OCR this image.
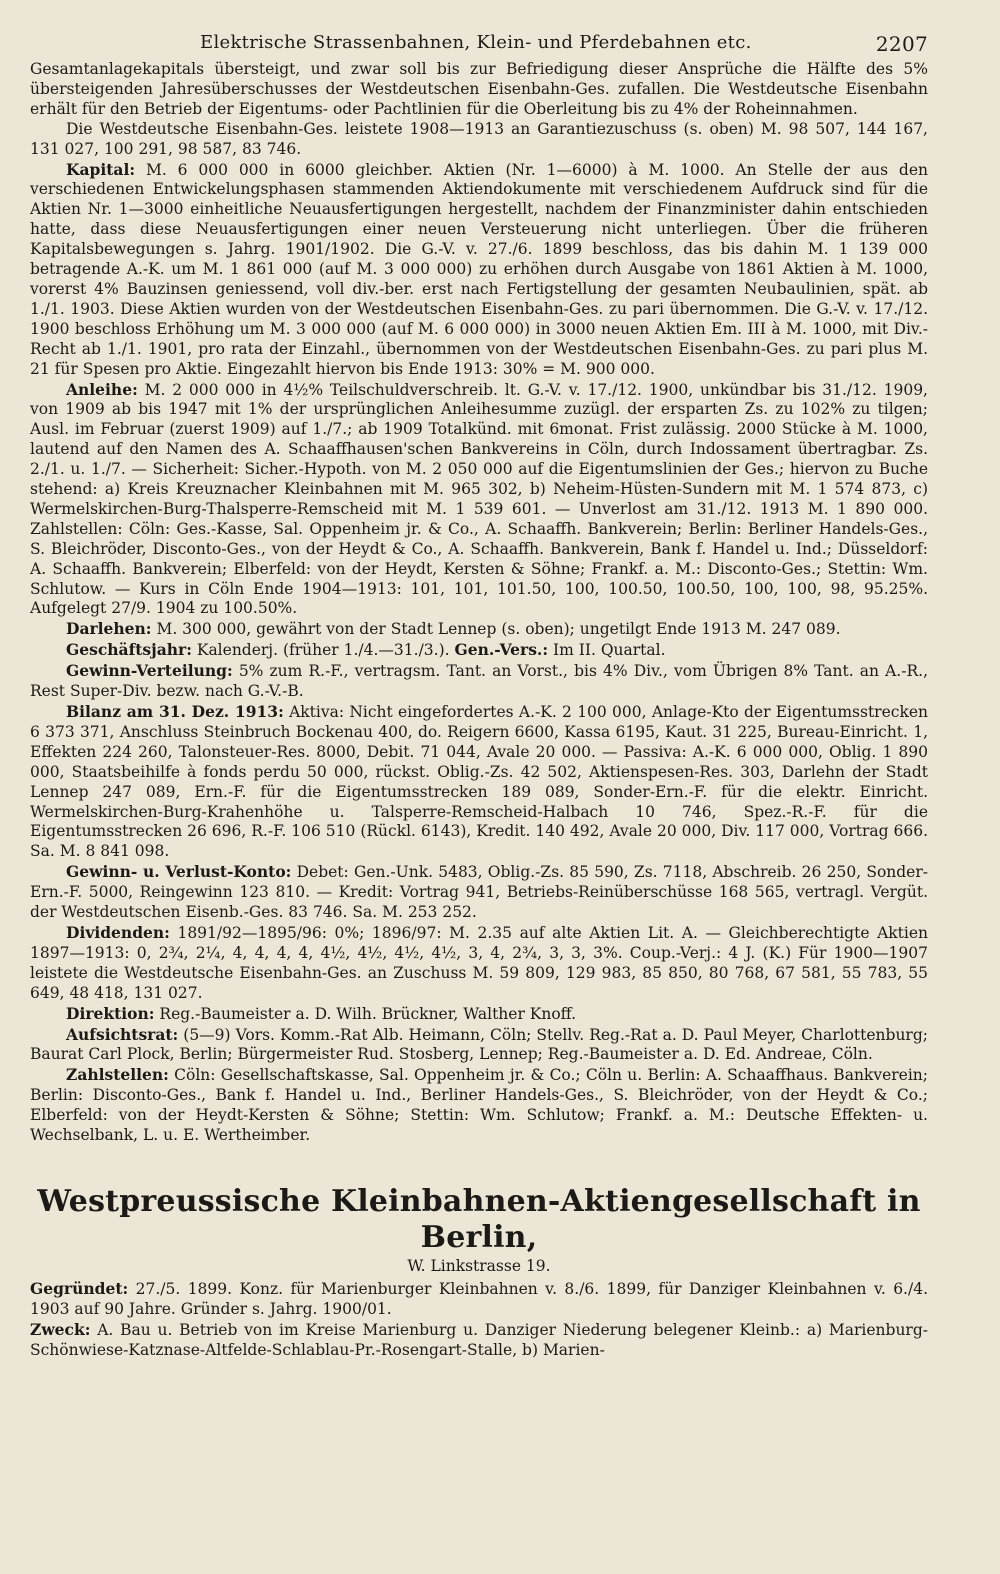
Elektrische Strassenbahnen, Klein- und Pferdebahnen etc.	2207

Gesamtanlagekapitals übersteigt, und zwar soll bis zur Befriedigung dieser Ansprüche die Hälfte des 5% übersteigenden Jahresüberschusses der Westdeutschen Eisenbahn-Ges. zufallen. Die Westdeutsche Eisenbahn erhält für den Betrieb der Eigentums- oder Pachtlinien für die Oberleitung bis zu 4% der Roheinnahmen.

Die Westdeutsche Eisenbahn-Ges. leistete 1908—1913 an Garantiezuschuss (s. oben) M. 98 507, 144 167, 131 027, 100 291, 98 587, 83 746.

Kapital: M. 6 000 000 in 6000 gleichber. Aktien (Nr. 1—6000) à M. 1000. An Stelle der aus den verschiedenen Entwickelungsphasen stammenden Aktiendokumente mit verschiedenem Aufdruck sind für die Aktien Nr. 1—3000 einheitliche Neuausfertigungen hergestellt, nachdem der Finanzminister dahin entschieden hatte, dass diese Neuausfertigungen einer neuen Versteuerung nicht unterliegen. Über die früheren Kapitalsbewegungen s. Jahrg. 1901/1902. Die G.-V. v. 27./6. 1899 beschloss, das bis dahin M. 1 139 000 betragende A.-K. um M. 1 861 000 (auf M. 3 000 000) zu erhöhen durch Ausgabe von 1861 Aktien à M. 1000, vorerst 4% Bauzinsen geniessend, voll div.-ber. erst nach Fertigstellung der gesamten Neubaulinien, spät. ab 1./1. 1903. Diese Aktien wurden von der Westdeutschen Eisenbahn-Ges. zu pari übernommen. Die G.-V. v. 17./12. 1900 beschloss Erhöhung um M. 3 000 000 (auf M. 6 000 000) in 3000 neuen Aktien Em. III à M. 1000, mit Div.-Recht ab 1./1. 1901, pro rata der Einzahl., übernommen von der Westdeutschen Eisenbahn-Ges. zu pari plus M. 21 für Spesen pro Aktie. Eingezahlt hiervon bis Ende 1913: 30% = M. 900 000.

Anleihe: M. 2 000 000 in 4½% Teilschuldverschreib. lt. G.-V. v. 17./12. 1900, unkündbar bis 31./12. 1909, von 1909 ab bis 1947 mit 1% der ursprünglichen Anleihesumme zuzügl. der ersparten Zs. zu 102% zu tilgen; Ausl. im Februar (zuerst 1909) auf 1./7.; ab 1909 Totalkünd. mit 6monat. Frist zulässig. 2000 Stücke à M. 1000, lautend auf den Namen des A. Schaaffhausen'schen Bankvereins in Cöln, durch Indossament übertragbar. Zs. 2./1. u. 1./7. — Sicherheit: Sicher.-Hypoth. von M. 2 050 000 auf die Eigentumslinien der Ges.; hiervon zu Buche stehend: a) Kreis Kreuznacher Kleinbahnen mit M. 965 302, b) Neheim-Hüsten-Sundern mit M. 1 574 873, c) Wermelskirchen-Burg-Thalsperre-Remscheid mit M. 1 539 601. — Unverlost am 31./12. 1913 M. 1 890 000. Zahlstellen: Cöln: Ges.-Kasse, Sal. Oppenheim jr. & Co., A. Schaaffh. Bankverein; Berlin: Berliner Handels-Ges., S. Bleichröder, Disconto-Ges., von der Heydt & Co., A. Schaaffh. Bankverein, Bank f. Handel u. Ind.; Düsseldorf: A. Schaaffh. Bankverein; Elberfeld: von der Heydt, Kersten & Söhne; Frankf. a. M.: Disconto-Ges.; Stettin: Wm. Schlutow. — Kurs in Cöln Ende 1904—1913: 101, 101, 101.50, 100, 100.50, 100.50, 100, 100, 98, 95.25%. Aufgelegt 27/9. 1904 zu 100.50%.

Darlehen: M. 300 000, gewährt von der Stadt Lennep (s. oben); ungetilgt Ende 1913 M. 247 089.

Geschäftsjahr: Kalenderj. (früher 1./4.—31./3.). Gen.-Vers.: Im II. Quartal.

Gewinn-Verteilung: 5% zum R.-F., vertragsm. Tant. an Vorst., bis 4% Div., vom Übrigen 8% Tant. an A.-R., Rest Super-Div. bezw. nach G.-V.-B.

Bilanz am 31. Dez. 1913: Aktiva: Nicht eingefordertes A.-K. 2 100 000, Anlage-Kto der Eigentumsstrecken 6 373 371, Anschluss Steinbruch Bockenau 400, do. Reigern 6600, Kassa 6195, Kaut. 31 225, Bureau-Einricht. 1, Effekten 224 260, Talonsteuer-Res. 8000, Debit. 71 044, Avale 20 000. — Passiva: A.-K. 6 000 000, Oblig. 1 890 000, Staatsbeihilfe à fonds perdu 50 000, rückst. Oblig.-Zs. 42 502, Aktienspesen-Res. 303, Darlehn der Stadt Lennep 247 089, Ern.-F. für die Eigentumsstrecken 189 089, Sonder-Ern.-F. für die elektr. Einricht. Wermelskirchen-Burg-Krahenhöhe u. Talsperre-Remscheid-Halbach 10 746, Spez.-R.-F. für die Eigentumsstrecken 26 696, R.-F. 106 510 (Rückl. 6143), Kredit. 140 492, Avale 20 000, Div. 117 000, Vortrag 666. Sa. M. 8 841 098.

Gewinn- u. Verlust-Konto: Debet: Gen.-Unk. 5483, Oblig.-Zs. 85 590, Zs. 7118, Abschreib. 26 250, Sonder-Ern.-F. 5000, Reingewinn 123 810. — Kredit: Vortrag 941, Betriebs-Reinüberschüsse 168 565, vertragl. Vergüt. der Westdeutschen Eisenb.-Ges. 83 746. Sa. M. 253 252.

Dividenden: 1891/92—1895/96: 0%; 1896/97: M. 2.35 auf alte Aktien Lit. A. — Gleichberechtigte Aktien 1897—1913: 0, 2¾, 2¼, 4, 4, 4, 4, 4½, 4½, 4½, 4½, 3, 4, 2¾, 3, 3, 3%. Coup.-Verj.: 4 J. (K.) Für 1900—1907 leistete die Westdeutsche Eisenbahn-Ges. an Zuschuss M. 59 809, 129 983, 85 850, 80 768, 67 581, 55 783, 55 649, 48 418, 131 027.

Direktion: Reg.-Baumeister a. D. Wilh. Brückner, Walther Knoff.

Aufsichtsrat: (5—9) Vors. Komm.-Rat Alb. Heimann, Cöln; Stellv. Reg.-Rat a. D. Paul Meyer, Charlottenburg; Baurat Carl Plock, Berlin; Bürgermeister Rud. Stosberg, Lennep; Reg.-Baumeister a. D. Ed. Andreae, Cöln.

Zahlstellen: Cöln: Gesellschaftskasse, Sal. Oppenheim jr. & Co.; Cöln u. Berlin: A. Schaaffhaus. Bankverein; Berlin: Disconto-Ges., Bank f. Handel u. Ind., Berliner Handels-Ges., S. Bleichröder, von der Heydt & Co.; Elberfeld: von der Heydt-Kersten & Söhne; Stettin: Wm. Schlutow; Frankf. a. M.: Deutsche Effekten- u. Wechselbank, L. u. E. Wertheimber.

Westpreussische Kleinbahnen-Aktiengesellschaft in Berlin,
W. Linkstrasse 19.

Gegründet: 27./5. 1899. Konz. für Marienburger Kleinbahnen v. 8./6. 1899, für Danziger Kleinbahnen v. 6./4. 1903 auf 90 Jahre. Gründer s. Jahrg. 1900/01.

Zweck: A. Bau u. Betrieb von im Kreise Marienburg u. Danziger Niederung belegener Kleinb.: a) Marienburg-Schönwiese-Katznase-Altfelde-Schlablau-Pr.-Rosengart-Stalle, b) Marien-
